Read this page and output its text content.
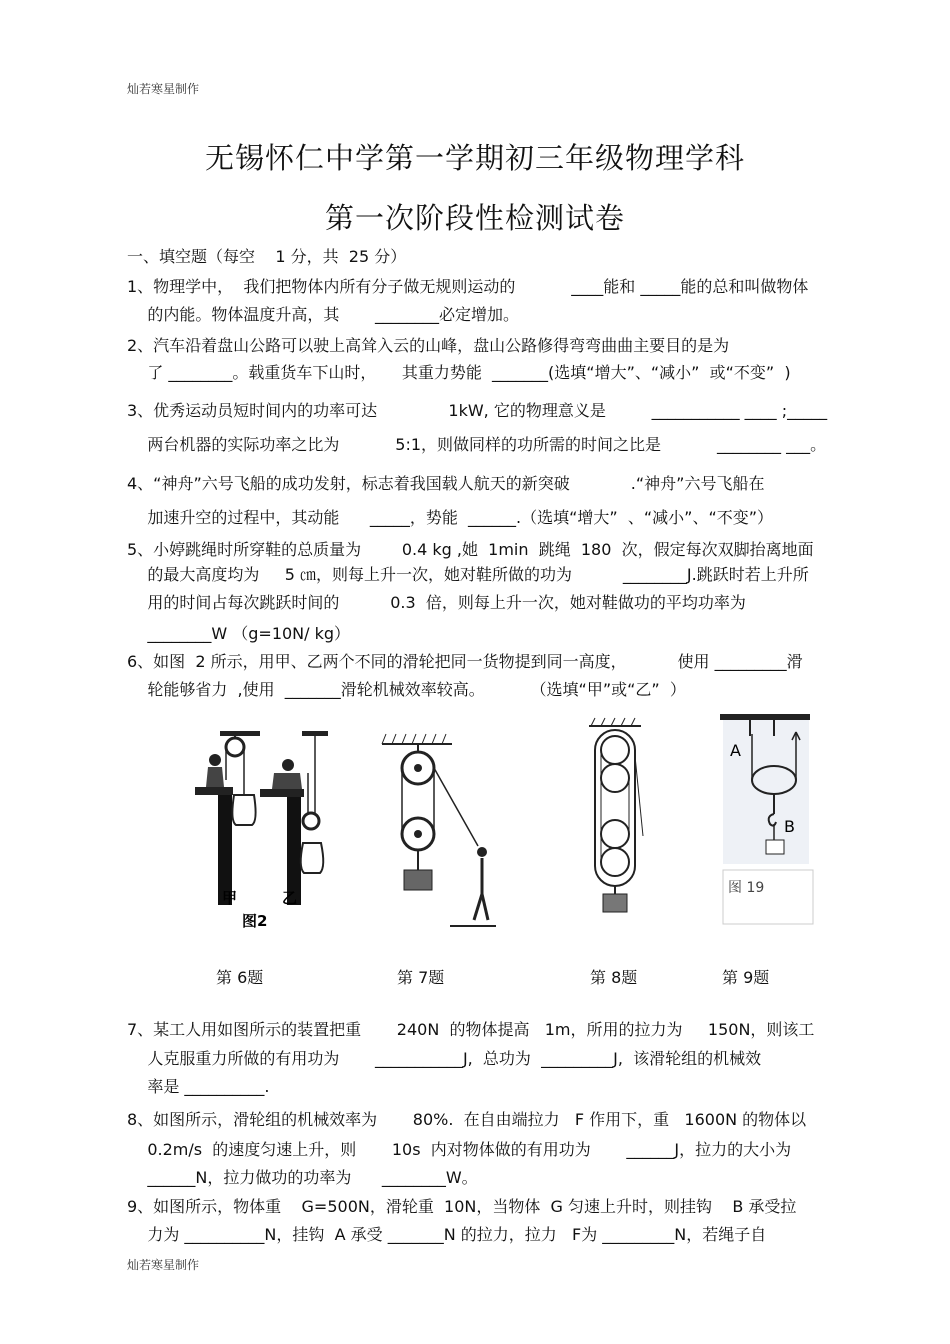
灿若寒星制作
无锡怀仁中学第一学期初三年级物理学科
第一次阶段性检测试卷
一、填空题（每空    1 分，共  25 分）
1、物理学中，  我们把物体内所有分子做无规则运动的           ____能和 _____能的总和叫做物体
的内能。物体温度升高，其       ________必定增加。
2、汽车沿着盘山公路可以驶上高耸入云的山峰，盘山公路修得弯弯曲曲主要目的是为
了 ________。载重货车下山时，     其重力势能  _______(选填“增大”、“减小”  或“不变”  )
3、优秀运动员短时间内的功率可达              1kW, 它的物理意义是         ___________ ____ ;_____
两台机器的实际功率之比为           5:1，则做同样的功所需的时间之比是           ________ ___。
4、“神舟”六号飞船的成功发射，标志着我国载人航天的新突破            .“神舟”六号飞船在
加速升空的过程中，其动能      _____，势能  ______.（选填“增大”  、“减小”、“不变”）
5、小婷跳绳时所穿鞋的总质量为        0.4 kg ,她  1min  跳绳  180  次，假定每次双脚抬离地面
的最大高度均为     5 ㎝，则每上升一次，她对鞋所做的功为          ________J.跳跃时若上升所
用的时间占每次跳跃时间的          0.3  倍，则每上升一次，她对鞋做功的平均功率为
________W （g=10N/ kg）
6、如图  2 所示，用甲、乙两个不同的滑轮把同一货物提到同一高度，          使用 _________滑
轮能够省力  ,使用  _______滑轮机械效率较高。         （选填“甲”或“乙”  ）
甲	乙
图2
A
B
图 19
第 6题	第 7题	第 8题	第 9题
7、某工人用如图所示的装置把重       240N  的物体提高   1m，所用的拉力为     150N，则该工
人克服重力所做的有用功为       ___________J,  总功为  _________J,  该滑轮组的机械效
率是 __________.
8、如图所示，滑轮组的机械效率为       80%.  在自由端拉力   F 作用下，重   1600N 的物体以
0.2m/s  的速度匀速上升，则       10s  内对物体做的有用功为       ______J，拉力的大小为
______N，拉力做功的功率为      ________W。
9、如图所示，物体重    G=500N，滑轮重  10N，当物体  G 匀速上升时，则挂钩    B 承受拉
力为 __________N，挂钩  A 承受 _______N 的拉力，拉力   F为 _________N，若绳子自
灿若寒星制作
